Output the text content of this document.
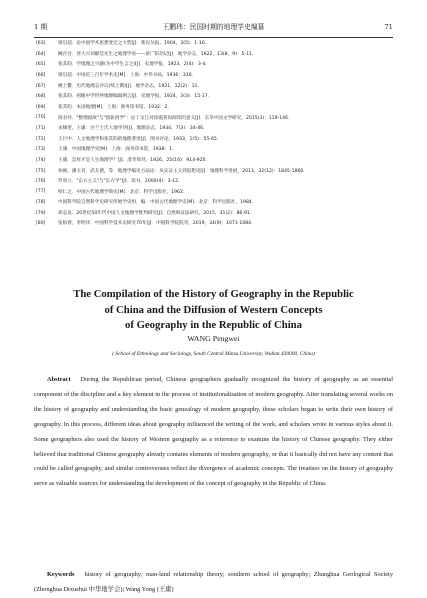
1 期	王鹏玮：民国时期的地理学史编纂	71
[63]	梁启超．论中国学术思想变迁之大势[J]．新民丛报，1904，3(5)：1-16.
[64]	姚存吾．述大兴刘献廷先生之地理学说——读广阳杂记[J]．地学杂志，1922，13(8，9)：5-11.
[65]	张其昀．学地理之兴趣(为中学生言之)[J]．史地学报，1923，2(4)：3-4.
[66]	梁启超．中国近三百年学术史[M]．上海：中华书局，1936：316.
[67]	姚士鳌．历代地理志评议(续上期)[J]．地学杂志，1921，12(2)：11.
[68]	张其昀．初级中学世界地理编辑例言[J]．史地学报，1924，3(3)：15-17.
[69]	张其昀．本国地理[M]．上海：商务印书馆，1932：2.
[70]	简君玲．"整理国故"与"接轨西学"：论丁文江对徐霞客再阅读的意义[J]．东华中国文学研究，2015(3)：119-146.
[71]	宋棣堃，王庸．白兰士氏人地学序[J]．地理杂志，1934，7(3)：34-46.
[72]	王巨中．人文地理学和张其昀的地理著述[J]．图书评论，1933，1(5)：55-65.
[73]	王庸．中国地理学史[M]．上海：商务印书馆，1938：1.
[74]	王庸．怎样才是人生地理学？[J]．清华周刊，1926，25(16)：914-920.
[75]	孙俊，潘玉君，武友德，等．地理学编史方法论：从实证主义到思想史[J]．地理科学进展，2013，32(12)：1845-1860.
[76]	罗厚立．"东方主义"与"东方学"[J]．读书，2000(4)：3-12.
[77]	侯仁之．中国古代地理学简史[M]．北京：科学出版社，1962.
[78]	中国科学院自然科学史研究所地学史组，编．中国古代地理学史[M]．北京：科学出版社，1984.
[79]	胡志良．20世纪50年代中国人文地理学批判研究[J]．自然辩证法研究，2015，31(2)：86-91.
[80]	张柏春，李明洋．中国科学技术史研究70年[J]．中国科学院院刊，2019，34(9)：1071-1084.
The Compilation of the History of Geography in the Republic
of China and the Diffusion of Western Concepts
of Geography in the Republic of China
WANG Pengwei
( School of Ethnology and Sociology, South Central Minzu University, Wuhan 430000, China)

Abstract During the Republican period, Chinese geographers gradually recognized the history of geography as an essential component of the discipline and a key element in the process of institutionalisation of modern geography. After translating several works on the history of geography and understanding the basic genealogy of modern geography, these scholars began to write their own history of geography. In this process, different ideas about geography influenced the writing of the work, and scholars wrote in various styles about it. Some geographers also used the history of Western geography as a reference to examine the history of Chinese geography. They either believed that traditional Chinese geography already contains elements of modern geography, or that it basically did not have any content that could be called geography, and similar controversies reflect the divergence of academic concepts. The treatises on the history of geography serve as valuable sources for understanding the development of the concept of geography in the Republic of China.

Keywords history of geography; man-land relationship theory; southern school of geography; Zhunghua Geological Society (Zhonghua Dixuehui 中华地学会); Wang Yong (王庸)
